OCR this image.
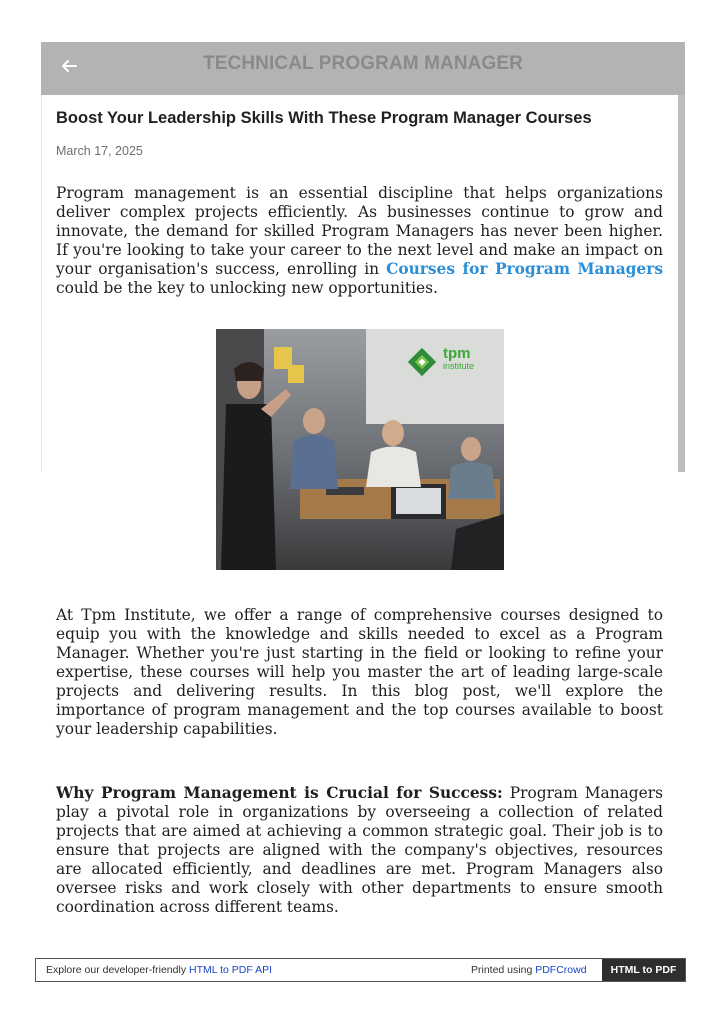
TECHNICAL PROGRAM MANAGER
Boost Your Leadership Skills With These Program Manager Courses
March 17, 2025

Program management is an essential discipline that helps organizations deliver complex projects efficiently. As businesses continue to grow and innovate, the demand for skilled Program Managers has never been higher. If you're looking to take your career to the next level and make an impact on your organisation's success, enrolling in Courses for Program Managers could be the key to unlocking new opportunities.

tpm
institute

At Tpm Institute, we offer a range of comprehensive courses designed to equip you with the knowledge and skills needed to excel as a Program Manager. Whether you're just starting in the field or looking to refine your expertise, these courses will help you master the art of leading large-scale projects and delivering results. In this blog post, we'll explore the importance of program management and the top courses available to boost your leadership capabilities.

Why Program Management is Crucial for Success: Program Managers play a pivotal role in organizations by overseeing a collection of related projects that are aimed at achieving a common strategic goal. Their job is to ensure that projects are aligned with the company's objectives, resources are allocated efficiently, and deadlines are met. Program Managers also oversee risks and work closely with other departments to ensure smooth coordination across different teams.

Explore our developer-friendly HTML to PDF API	Printed using PDFCrowd	HTML to PDF
